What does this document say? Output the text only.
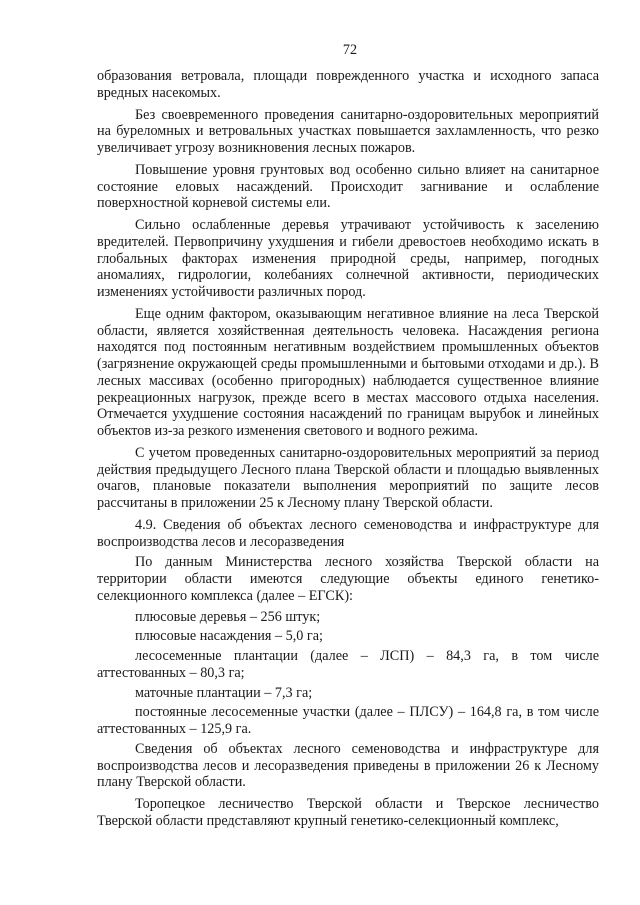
72

образования ветровала, площади поврежденного участка и исходного запаса вредных насекомых.

Без своевременного проведения санитарно-оздоровительных мероприятий на буреломных и ветровальных участках повышается захламленность, что резко увеличивает угрозу возникновения лесных пожаров.

Повышение уровня грунтовых вод особенно сильно влияет на санитарное состояние еловых насаждений. Происходит загнивание и ослабление поверхностной корневой системы ели.

Сильно ослабленные деревья утрачивают устойчивость к заселению вредителей. Первопричину ухудшения и гибели древостоев необходимо искать в глобальных факторах изменения природной среды, например, погодных аномалиях, гидрологии, колебаниях солнечной активности, периодических изменениях устойчивости различных пород.

Еще одним фактором, оказывающим негативное влияние на леса Тверской области, является хозяйственная деятельность человека. Насаждения региона находятся под постоянным негативным воздействием промышленных объектов (загрязнение окружающей среды промышленными и бытовыми отходами и др.). В лесных массивах (особенно пригородных) наблюдается существенное влияние рекреационных нагрузок, прежде всего в местах массового отдыха населения. Отмечается ухудшение состояния насаждений по границам вырубок и линейных объектов из-за резкого изменения светового и водного режима.

С учетом проведенных санитарно-оздоровительных мероприятий за период действия предыдущего Лесного плана Тверской области и площадью выявленных очагов, плановые показатели выполнения мероприятий по защите лесов рассчитаны в приложении 25 к Лесному плану Тверской области.

4.9. Сведения об объектах лесного семеноводства и инфраструктуре для воспроизводства лесов и лесоразведения

По данным Министерства лесного хозяйства Тверской области на территории области имеются следующие объекты единого генетико-селекционного комплекса (далее – ЕГСК):

плюсовые деревья – 256 штук;

плюсовые насаждения – 5,0 га;

лесосеменные плантации (далее – ЛСП) – 84,3 га, в том числе аттестованных – 80,3 га;

маточные плантации – 7,3 га;

постоянные лесосеменные участки (далее – ПЛСУ) – 164,8 га, в том числе аттестованных – 125,9 га.

Сведения об объектах лесного семеноводства и инфраструктуре для воспроизводства лесов и лесоразведения приведены в приложении 26 к Лесному плану Тверской области.

Торопецкое лесничество Тверской области и Тверское лесничество Тверской области представляют крупный генетико-селекционный комплекс,
